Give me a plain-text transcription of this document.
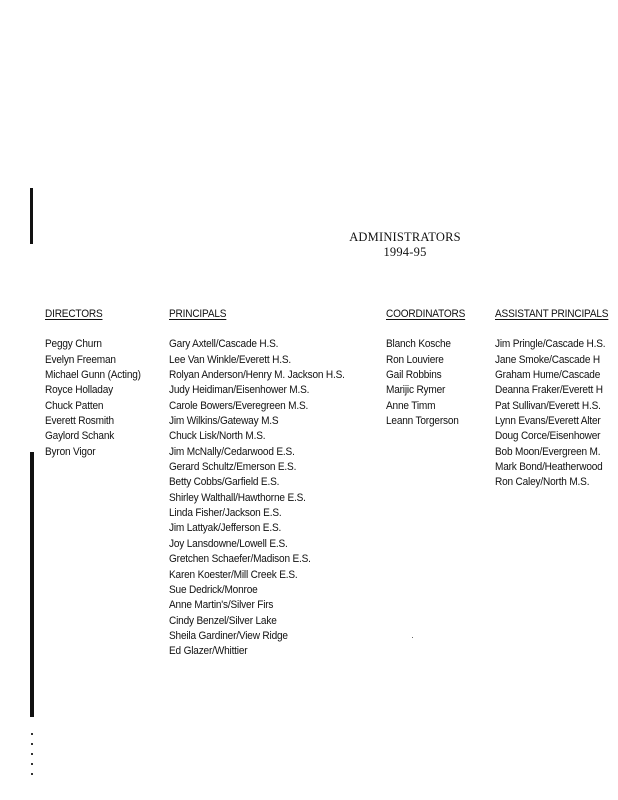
ADMINISTRATORS
1994-95
DIRECTORS
Peggy Churn
Evelyn Freeman
Michael Gunn (Acting)
Royce Holladay
Chuck Patten
Everett Rosmith
Gaylord Schank
Byron Vigor
PRINCIPALS
Gary Axtell/Cascade H.S.
Lee Van Winkle/Everett H.S.
Rolyan Anderson/Henry M. Jackson H.S.
Judy Heidiman/Eisenhower M.S.
Carole Bowers/Everegreen M.S.
Jim Wilkins/Gateway M.S
Chuck Lisk/North M.S.
Jim McNally/Cedarwood E.S.
Gerard Schultz/Emerson E.S.
Betty Cobbs/Garfield E.S.
Shirley Walthall/Hawthorne E.S.
Linda Fisher/Jackson E.S.
Jim Lattyak/Jefferson E.S.
Joy Lansdowne/Lowell E.S.
Gretchen Schaefer/Madison E.S.
Karen Koester/Mill Creek E.S.
Sue Dedrick/Monroe
Anne Martin's/Silver Firs
Cindy Benzel/Silver Lake
Sheila Gardiner/View Ridge
Ed Glazer/Whittier
COORDINATORS
Blanch Kosche
Ron Louviere
Gail Robbins
Marijic Rymer
Anne Timm
Leann Torgerson
ASSISTANT PRINCIPALS
Jim Pringle/Cascade H.S.
Jane Smoke/Cascade H
Graham Hume/Cascade
Deanna Fraker/Everett H
Pat Sullivan/Everett H.S.
Lynn Evans/Everett Alter
Doug Corce/Eisenhower
Bob Moon/Evergreen M.
Mark Bond/Heatherwood
Ron Caley/North M.S.
